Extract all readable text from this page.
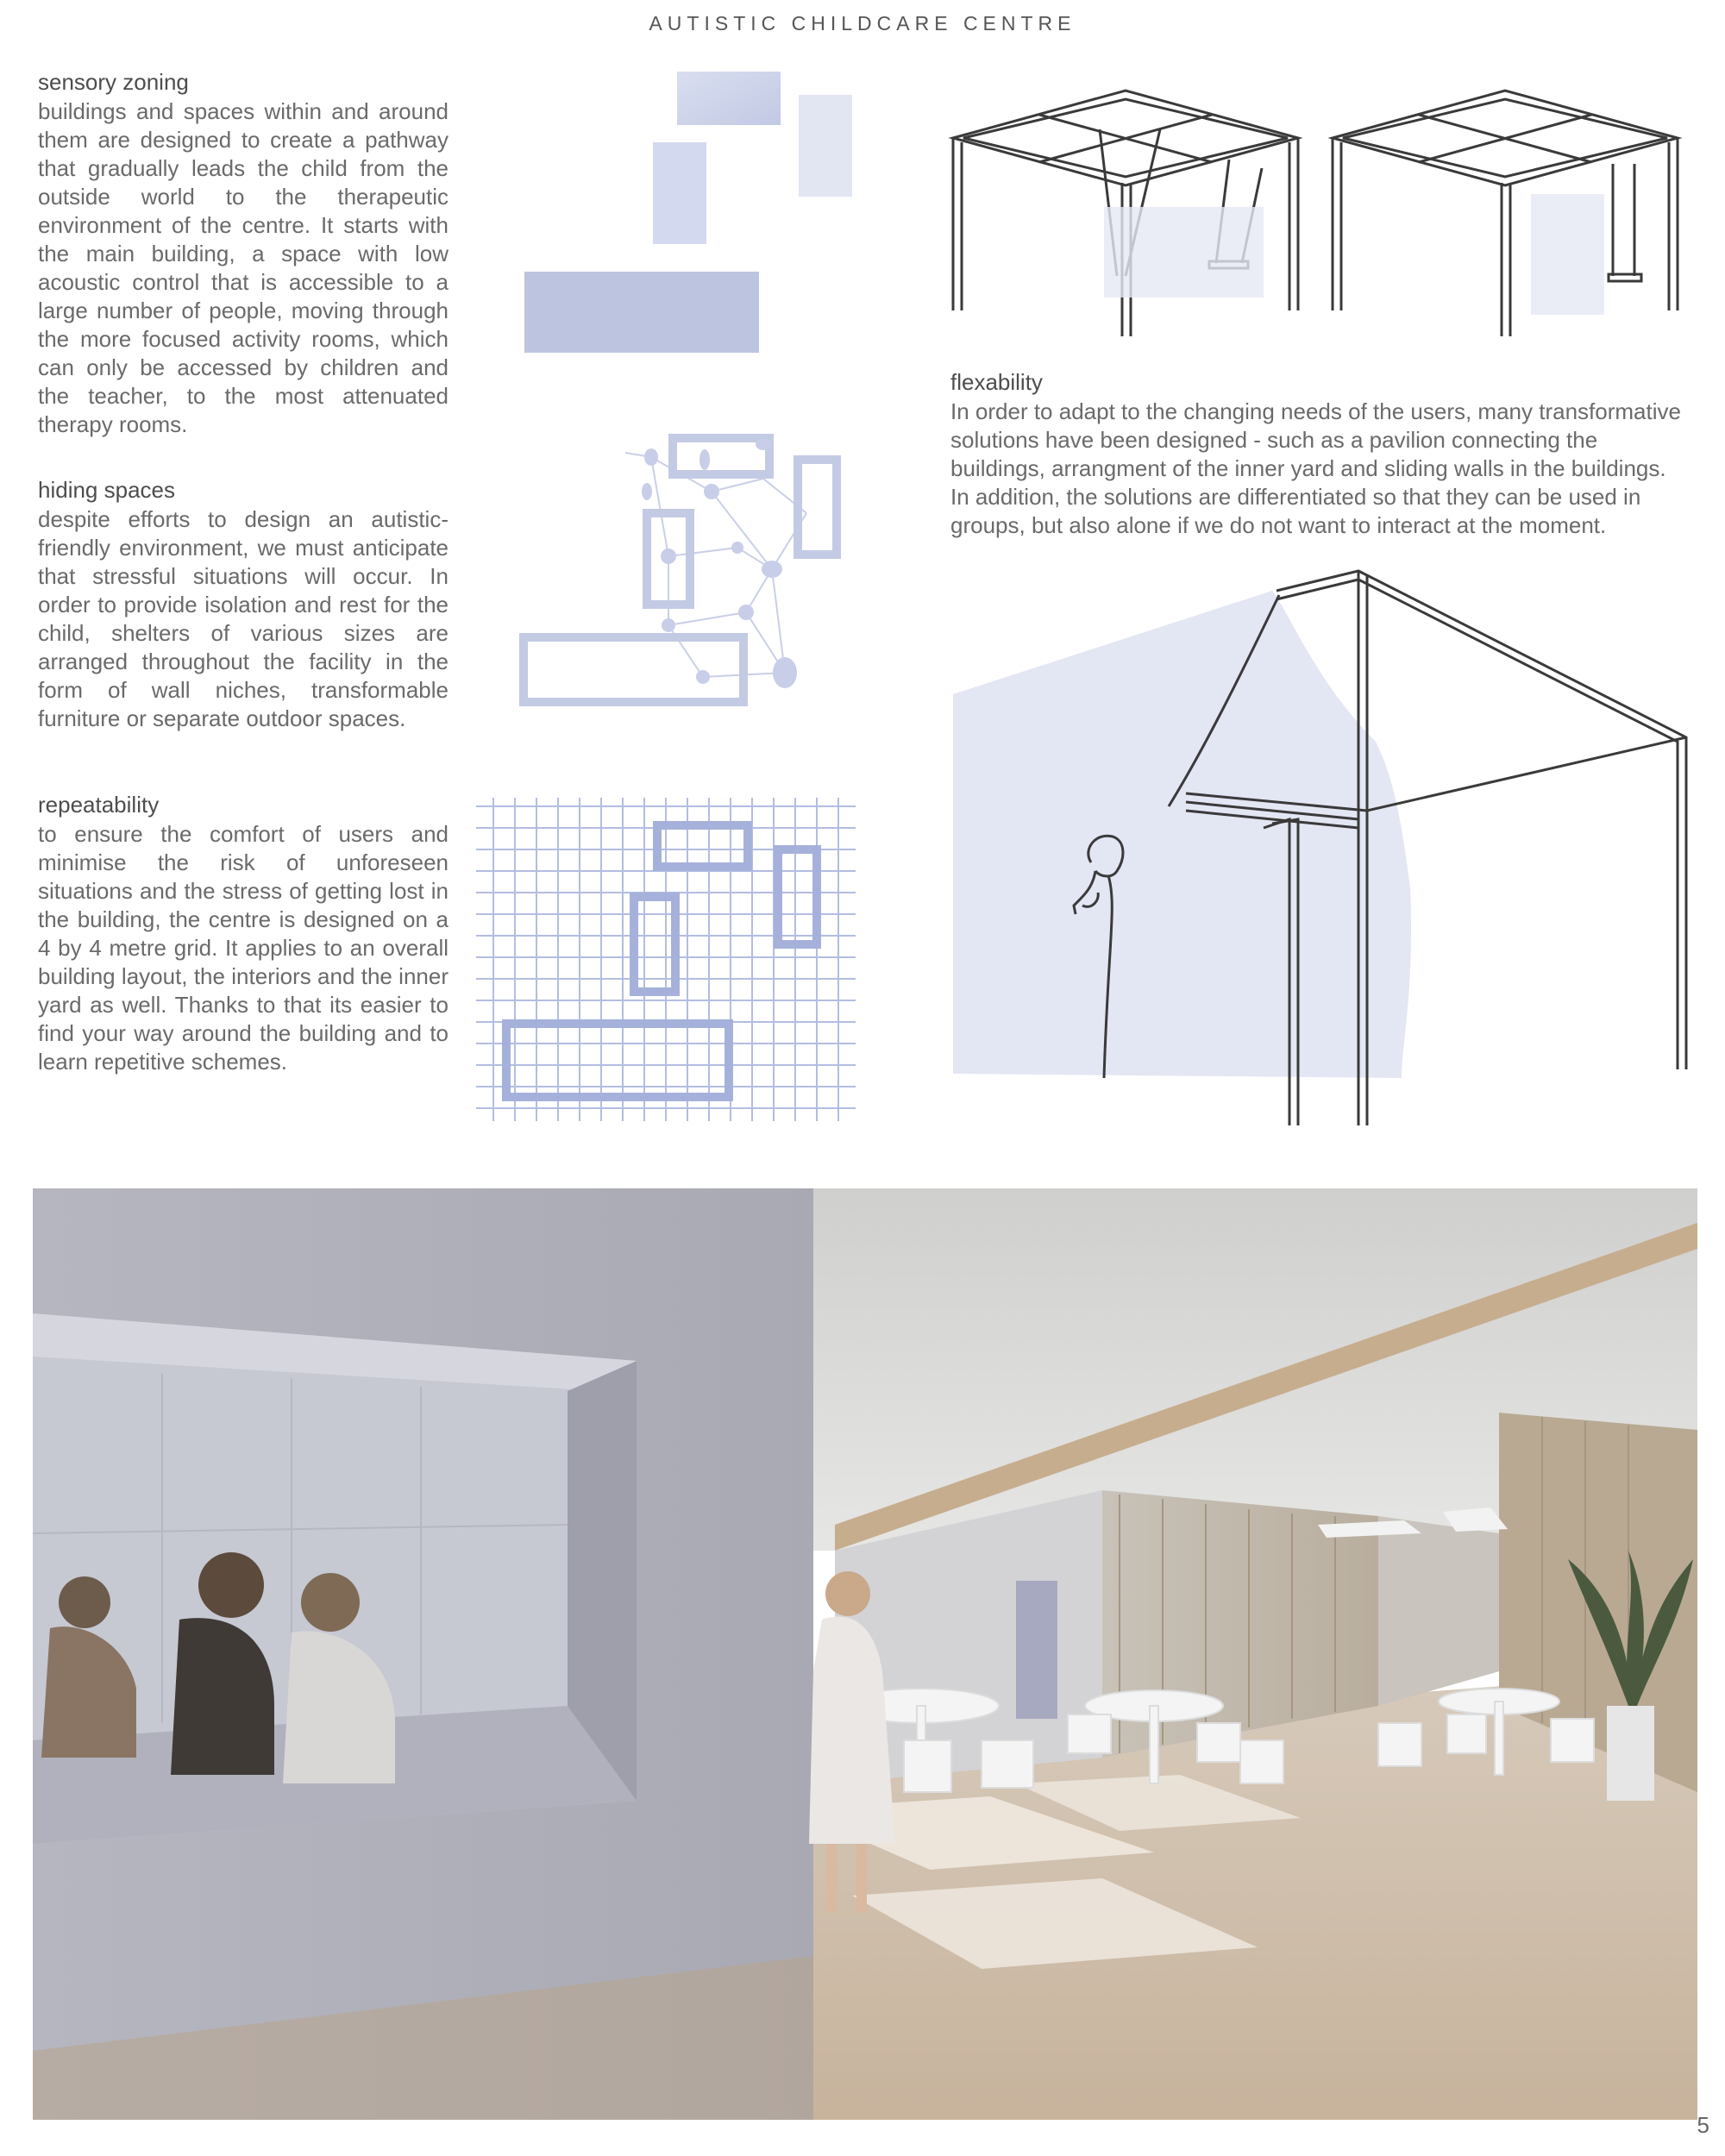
AUTISTIC CHILDCARE CENTRE
sensory zoning

buildings and spaces within and around them are designed to create a pathway that gradually leads the child from the outside world to the therapeutic environment of the centre. It starts with the main building, a space with low acoustic control that is accessible to a large number of people, moving through the more focused activity rooms, which can only be accessed by children and the teacher, to the most attenuated therapy rooms.

hiding spaces

despite efforts to design an autistic-friendly environment, we must anticipate that stressful situations will occur. In order to provide isolation and rest for the child, shelters of various sizes are arranged throughout the facility in the form of wall niches, transformable furniture or separate outdoor spaces.

repeatability

to ensure the comfort of users and minimise the risk of unforeseen situations and the stress of getting lost in the building, the centre is designed on a 4 by 4 metre grid. It applies to an overall building layout, the interiors and the inner yard as well. Thanks to that its easier to find your way around the building and to learn repetitive schemes.

flexability

In order to adapt to the changing needs of the users, many transformative solutions have been designed - such as a pavilion connecting the buildings, arrangment of the inner yard and sliding walls in the buildings. In addition, the solutions are differentiated so that they can be used in groups, but also alone if we do not want to interact at the moment.

5
